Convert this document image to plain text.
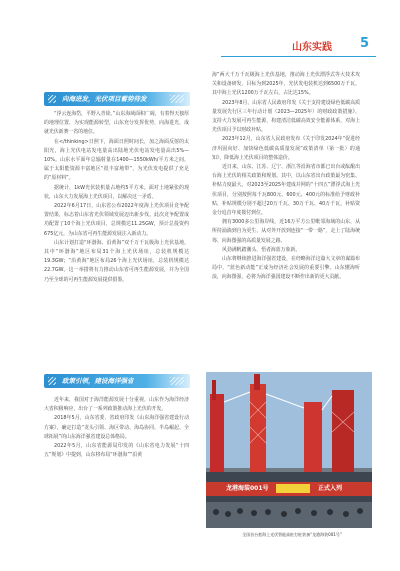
山东实践 5
向海进发，光伏项目蓄势待发

“浮云连海岱，平野入青徐。”山东海域面积广阔，有着得天独厚的地理位置，为实现能源转型，山东充分发挥优势，向海进光，成就光伏新赛一省的地位。

在</thinking>日照下，海面日照时间长，加之海面反射的太阳光，海上光伏电站发电量高出陆地光伏电站发电量高出5%—10%。山东水平面年总辐射量在1400—1550kWh/平方米之间，属于太阳能资源丰富地区“很丰富地带”，为光伏发电提供了充足的“原材料”。

据统计，1kW光伏装机量占地约5平方米。面对土地紧张的现状，山东大力发展海上光伏项目，以解决这一矛盾。

2022年6月17日，山东省公布2022年度海上光伏项目竞争配置结果，标志着山东省光伏领域发展迈出新步伐。此次竞争配置成功配置了10个海上光伏项目，总规模达11.25GW，预计总投资约675亿元，为山东省可再生能源发展注入新动力。

山东计划打造“环渤海、沿黄海”双千万千瓦级海上光伏基地，其中“环渤海”地区布局31个海上光伏场址，总装机规模达19.3GW；“沿黄海”地区布局26个海上光伏场址，总装机规模达22.7GW。这一举措将有力推动山东省可再生能源发展，并为全国乃至全球的可再生能源发展提供借鉴。

政策引领，建设海洋强省

近年来，我国对于海洋能源发展十分重视，山东作为海洋经济大省积极响应，出台了一系列政策推动海上光伏的开发。

2018年5月，山东省委、省政府印发《山东海洋强省建设行动方案》，确定打造“龙头引领、海区带动、海岛协同、半岛崛起、全球拓展”的山东海洋强省建设总体格局。

2022年5月，山东省能源局印发的《山东省电力发展“十四五”规划》中提到，山东将布局“环渤海”“沿黄

海”两大千万千瓦级海上光伏基地，推动海上光伏漂浮式等大技术攻关和设备研发，目标为到2025年，光伏发电装机达到6500万千瓦，其中海上光伏1200万千瓦左右，占比达15%。

2023年8月，山东省人民政府印发《关于支持建设绿色低碳高质量发展先行区三年行动计划（2023—2025年）的财政政策措施》，支持大力发展可再生能源，构建清洁低碳高效安全能源体系，对海上光伏项目予以财政补贴。

2023年12月，山东省人民政府发布《关于印发2024年“促进经济巩固向好、加快绿色低碳高质量发展”政策清单（第一批）的通知》，降低海上光伏项目的整体造价。

近日来，山东、江苏、辽宁、浙江等沿海省市都已出台或酝酿出台海上光伏的相关政策和规划。其中，以山东省出台政策最为密集、补贴力度最大，对2023至2025年建成并网的“十四五”漂浮式海上光伏项目，分别按照每千瓦800元、600元、400元的标准给予财政补贴，补贴规模分别不超过20万千瓦、30万千瓦、40万千瓦，补贴资金分追首年度拨付到位。

拥有3000多公里海岸线，近16万平方公里毗邻海域的山东，从所持涌淌到自为更生，从对外开放到连接“一带一路”，走上了陆海统筹、向海图强的高质量发展之路。

风劲满帆踏潮头，悟者海蓝万象新。

山东将继续推进海洋强省建设，在经略海洋这篇大文章的谋篇布局中，“蓝色新动能”正成为经济社会发展的重要引擎。山东懂海听浪，向海图强，必将为海洋强国建设不断作出新的更大贡献。

龙港海装001号	正式入列
全国首台套海上光伏智能高桩打桩装备“龙港海装001号”
